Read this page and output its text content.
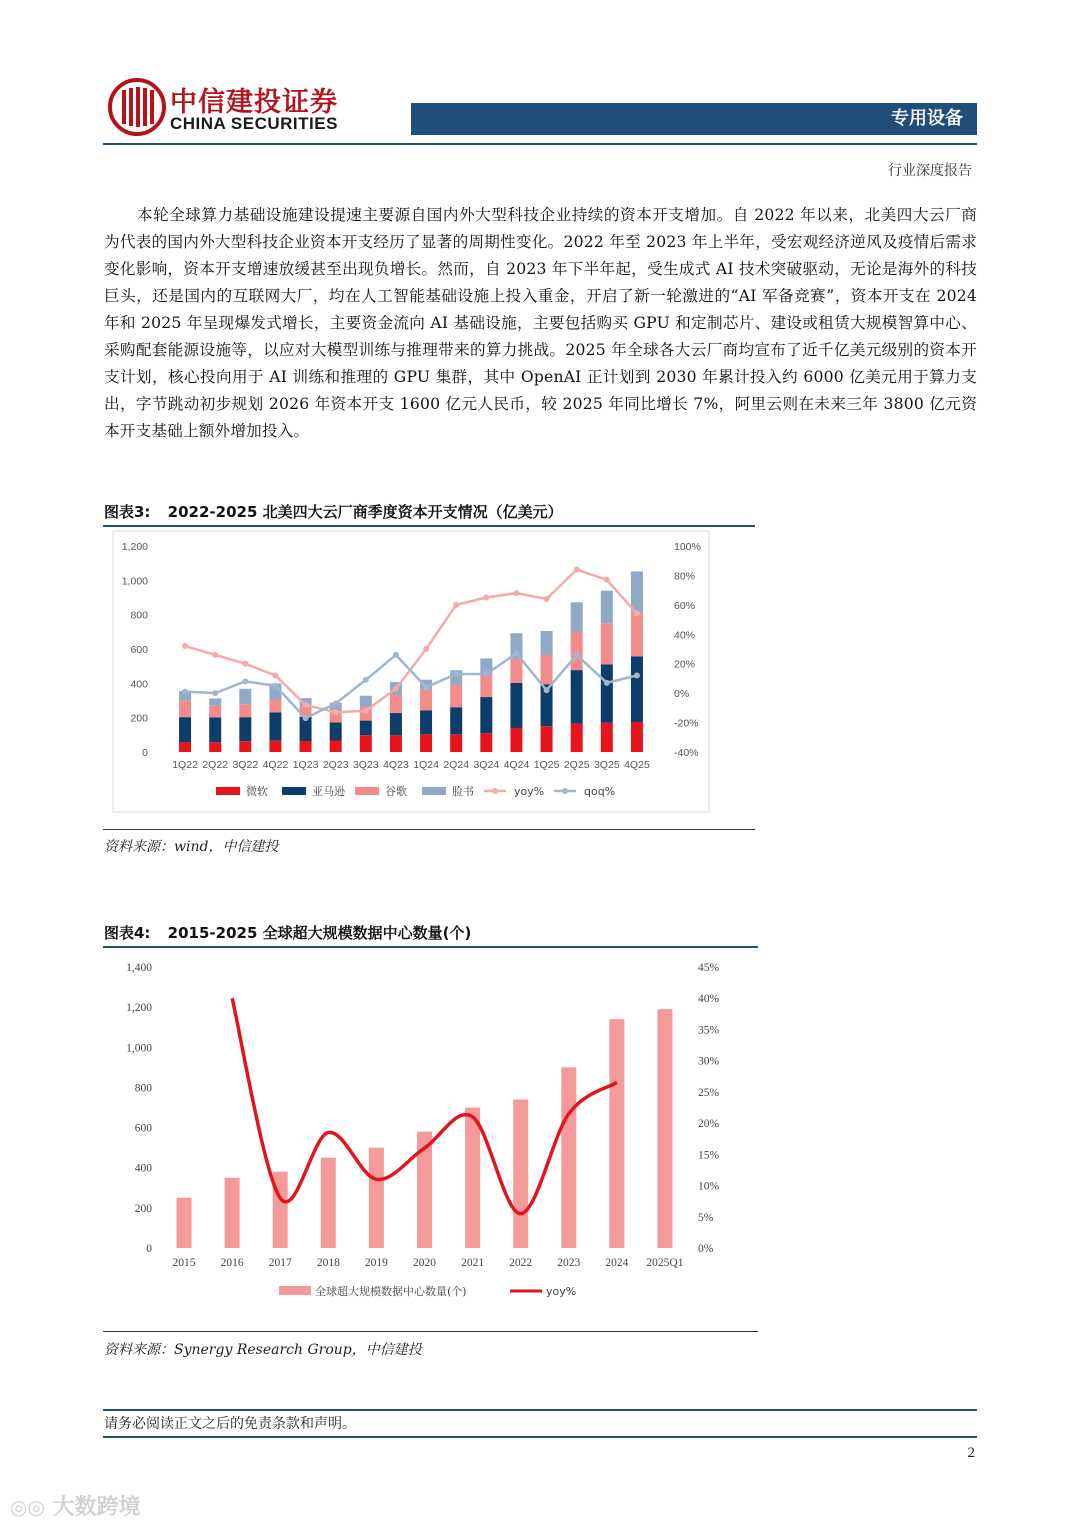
中信建投证券
CHINA SECURITIES	专用设备
行业深度报告
本轮全球算力基础设施建设提速主要源自国内外大型科技企业持续的资本开支增加。自 2022 年以来，北美四大云厂商为代表的国内外大型科技企业资本开支经历了显著的周期性变化。2022 年至 2023 年上半年，受宏观经济逆风及疫情后需求变化影响，资本开支增速放缓甚至出现负增长。然而，自 2023 年下半年起，受生成式 AI 技术突破驱动，无论是海外的科技巨头，还是国内的互联网大厂，均在人工智能基础设施上投入重金，开启了新一轮激进的“AI 军备竞赛”，资本开支在 2024 年和 2025 年呈现爆发式增长，主要资金流向 AI 基础设施，主要包括购买 GPU 和定制芯片、建设或租赁大规模智算中心、采购配套能源设施等，以应对大模型训练与推理带来的算力挑战。2025 年全球各大云厂商均宣布了近千亿美元级别的资本开支计划，核心投向用于 AI 训练和推理的 GPU 集群，其中 OpenAI 正计划到 2030 年累计投入约 6000 亿美元用于算力支出，字节跳动初步规划 2026 年资本开支 1600 亿元人民币，较 2025 年同比增长 7%，阿里云则在未来三年 3800 亿元资本开支基础上额外增加投入。
图表3: 2022-2025 北美四大云厂商季度资本开支情况（亿美元）
0
200
400
600
800
1,000
1,200
-40%
-20%
0%
20%
40%
60%
80%
100%
1Q22 2Q22 3Q22 4Q22 1Q23 2Q23 3Q23 4Q23 1Q24 2Q24 3Q24 4Q24 1Q25 2Q25 3Q25 4Q25
微软	亚马逊	谷歌	脸书	yoy%	qoq%
资料来源：wind，中信建投
图表4: 2015-2025 全球超大规模数据中心数量(个)
0
200
400
600
800
1,000
1,200
1,400
0%
5%
10%
15%
20%
25%
30%
35%
40%
45%
2015 2016 2017 2018 2019 2020 2021 2022 2023 2024 2025Q1
全球超大规模数据中心数量(个)	yoy%
资料来源：Synergy Research Group，中信建投
请务必阅读正文之后的免责条款和声明。
2
◎◎ 大数跨境
